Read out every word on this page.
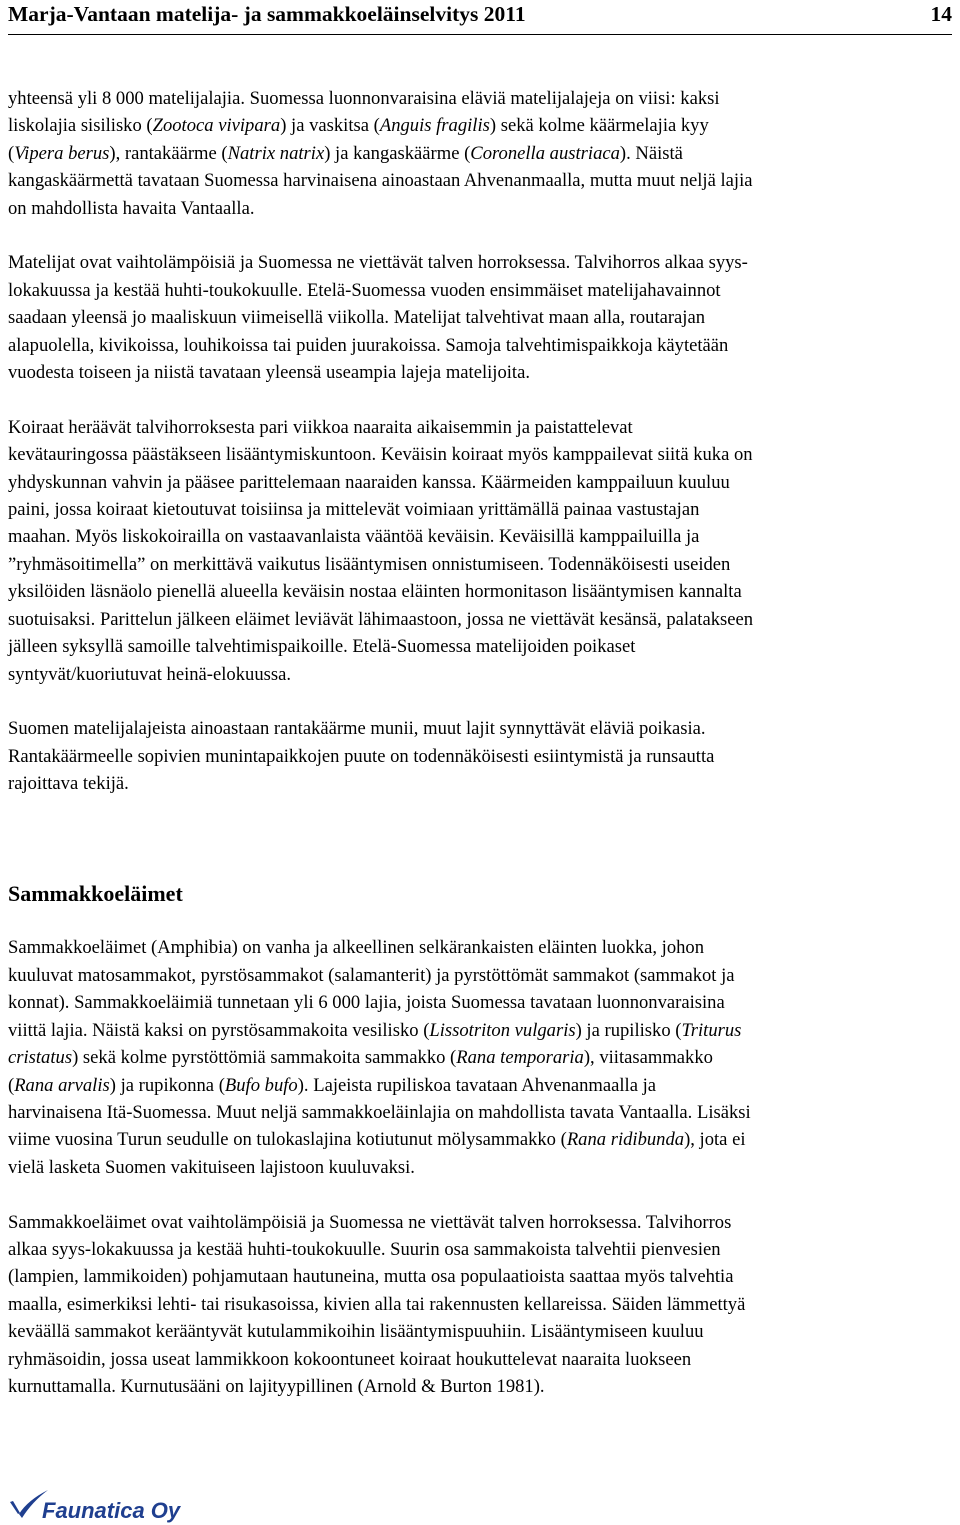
Marja-Vantaan matelija- ja sammakkoeläinselvitys 2011	14

yhteensä yli 8 000 matelijalajia. Suomessa luonnonvaraisina eläviä matelijalajeja on viisi: kaksi
liskolajia sisilisko (Zootoca vivipara) ja vaskitsa (Anguis fragilis) sekä kolme käärmelajia kyy
(Vipera berus), rantakäärme (Natrix natrix) ja kangaskäärme (Coronella austriaca). Näistä
kangaskäärmettä tavataan Suomessa harvinaisena ainoastaan Ahvenanmaalla, mutta muut neljä lajia
on mahdollista havaita Vantaalla.

Matelijat ovat vaihtolämpöisiä ja Suomessa ne viettävät talven horroksessa. Talvihorros alkaa syys-
lokakuussa ja kestää huhti-toukokuulle. Etelä-Suomessa vuoden ensimmäiset matelijahavainnot
saadaan yleensä jo maaliskuun viimeisellä viikolla. Matelijat talvehtivat maan alla, routarajan
alapuolella, kivikoissa, louhikoissa tai puiden juurakoissa. Samoja talvehtimispaikkoja käytetään
vuodesta toiseen ja niistä tavataan yleensä useampia lajeja matelijoita.

Koiraat heräävät talvihorroksesta pari viikkoa naaraita aikaisemmin ja paistattelevat
kevätauringossa päästäkseen lisääntymiskuntoon. Keväisin koiraat myös kamppailevat siitä kuka on
yhdyskunnan vahvin ja pääsee parittelemaan naaraiden kanssa. Käärmeiden kamppailuun kuuluu
paini, jossa koiraat kietoutuvat toisiinsa ja mittelevät voimiaan yrittämällä painaa vastustajan
maahan. Myös liskokoirailla on vastaavanlaista vääntöä keväisin. Keväisillä kamppailuilla ja
”ryhmäsoitimella” on merkittävä vaikutus lisääntymisen onnistumiseen. Todennäköisesti useiden
yksilöiden läsnäolo pienellä alueella keväisin nostaa eläinten hormonitason lisääntymisen kannalta
suotuisaksi. Parittelun jälkeen eläimet leviävät lähimaastoon, jossa ne viettävät kesänsä, palatakseen
jälleen syksyllä samoille talvehtimispaikoille. Etelä-Suomessa matelijoiden poikaset
syntyvät/kuoriutuvat heinä-elokuussa.

Suomen matelijalajeista ainoastaan rantakäärme munii, muut lajit synnyttävät eläviä poikasia.
Rantakäärmeelle sopivien munintapaikkojen puute on todennäköisesti esiintymistä ja runsautta
rajoittava tekijä.

Sammakkoeläimet

Sammakkoeläimet (Amphibia) on vanha ja alkeellinen selkärankaisten eläinten luokka, johon
kuuluvat matosammakot, pyrstösammakot (salamanterit) ja pyrstöttömät sammakot (sammakot ja
konnat). Sammakkoeläimiä tunnetaan yli 6 000 lajia, joista Suomessa tavataan luonnonvaraisina
viittä lajia. Näistä kaksi on pyrstösammakoita vesilisko (Lissotriton vulgaris) ja rupilisko (Triturus
cristatus) sekä kolme pyrstöttömiä sammakoita sammakko (Rana temporaria), viitasammakko
(Rana arvalis) ja rupikonna (Bufo bufo). Lajeista rupiliskoa tavataan Ahvenanmaalla ja
harvinaisena Itä-Suomessa. Muut neljä sammakkoeläinlajia on mahdollista tavata Vantaalla. Lisäksi
viime vuosina Turun seudulle on tulokaslajina kotiutunut mölysammakko (Rana ridibunda), jota ei
vielä lasketa Suomen vakituiseen lajistoon kuuluvaksi.

Sammakkoeläimet ovat vaihtolämpöisiä ja Suomessa ne viettävät talven horroksessa. Talvihorros
alkaa syys-lokakuussa ja kestää huhti-toukokuulle. Suurin osa sammakoista talvehtii pienvesien
(lampien, lammikoiden) pohjamutaan hautuneina, mutta osa populaatioista saattaa myös talvehtia
maalla, esimerkiksi lehti- tai risukasoissa, kivien alla tai rakennusten kellareissa. Säiden lämmettyä
keväällä sammakot kerääntyvät kutulammikoihin lisääntymispuuhiin. Lisääntymiseen kuuluu
ryhmäsoidin, jossa useat lammikkoon kokoontuneet koiraat houkuttelevat naaraita luokseen
kurnuttamalla. Kurnutusääni on lajityypillinen (Arnold & Burton 1981).

Faunatica Oy
